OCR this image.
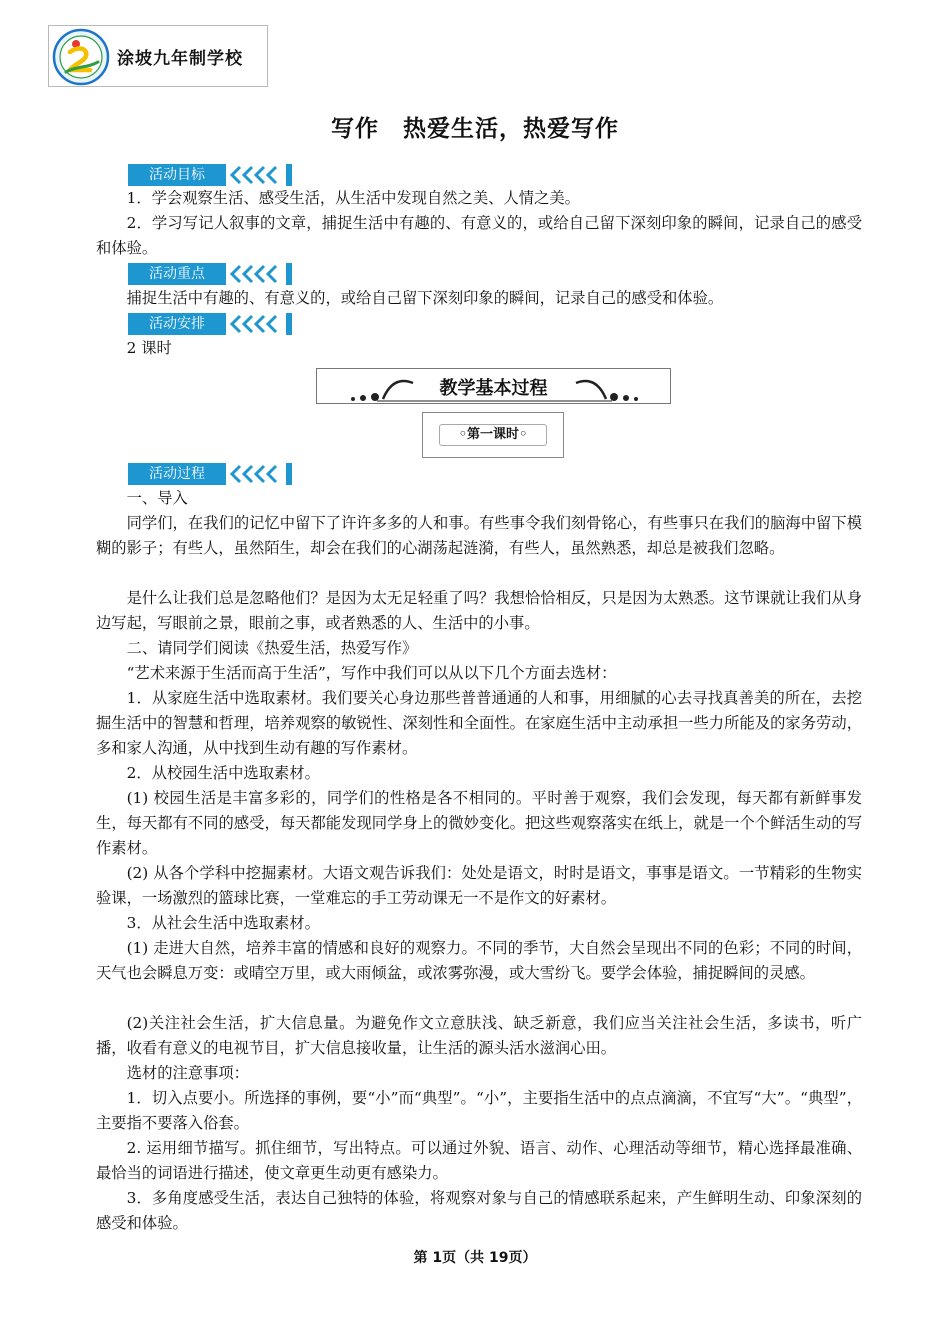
涂坡九年制学校
写作　热爱生活，热爱写作
活动目标

1．学会观察生活、感受生活，从生活中发现自然之美、人情之美。

2．学习写记人叙事的文章，捕捉生活中有趣的、有意义的，或给自己留下深刻印象的瞬间，记录自己的感受和体验。

活动重点

捕捉生活中有趣的、有意义的，或给自己留下深刻印象的瞬间，记录自己的感受和体验。

活动安排

2 课时

教学基本过程
◦第一课时◦
活动过程

一、导入

同学们，在我们的记忆中留下了许许多多的人和事。有些事令我们刻骨铭心，有些事只在我们的脑海中留下模糊的影子；有些人，虽然陌生，却会在我们的心湖荡起涟漪，有些人，虽然熟悉，却总是被我们忽略。

是什么让我们总是忽略他们？是因为太无足轻重了吗？我想恰恰相反，只是因为太熟悉。这节课就让我们从身边写起，写眼前之景，眼前之事，或者熟悉的人、生活中的小事。

二、请同学们阅读《热爱生活，热爱写作》

“艺术来源于生活而高于生活”，写作中我们可以从以下几个方面去选材：

1．从家庭生活中选取素材。我们要关心身边那些普普通通的人和事，用细腻的心去寻找真善美的所在，去挖掘生活中的智慧和哲理，培养观察的敏锐性、深刻性和全面性。在家庭生活中主动承担一些力所能及的家务劳动，多和家人沟通，从中找到生动有趣的写作素材。

2．从校园生活中选取素材。

(1) 校园生活是丰富多彩的，同学们的性格是各不相同的。平时善于观察，我们会发现，每天都有新鲜事发生，每天都有不同的感受，每天都能发现同学身上的微妙变化。把这些观察落实在纸上，就是一个个鲜活生动的写作素材。

(2) 从各个学科中挖掘素材。大语文观告诉我们：处处是语文，时时是语文，事事是语文。一节精彩的生物实验课，一场激烈的篮球比赛，一堂难忘的手工劳动课无一不是作文的好素材。

3．从社会生活中选取素材。

(1) 走进大自然，培养丰富的情感和良好的观察力。不同的季节，大自然会呈现出不同的色彩；不同的时间，天气也会瞬息万变：或晴空万里，或大雨倾盆，或浓雾弥漫，或大雪纷飞。要学会体验，捕捉瞬间的灵感。

(2)关注社会生活，扩大信息量。为避免作文立意肤浅、缺乏新意，我们应当关注社会生活，多读书，听广播，收看有意义的电视节目，扩大信息接收量，让生活的源头活水滋润心田。

选材的注意事项：

1．切入点要小。所选择的事例，要“小”而“典型”。“小”，主要指生活中的点点滴滴，不宜写“大”。“典型”，主要指不要落入俗套。

2. 运用细节描写。抓住细节，写出特点。可以通过外貌、语言、动作、心理活动等细节，精心选择最准确、最恰当的词语进行描述，使文章更生动更有感染力。

3．多角度感受生活，表达自己独特的体验，将观察对象与自己的情感联系起来，产生鲜明生动、印象深刻的感受和体验。

第 1页（共 19页）
